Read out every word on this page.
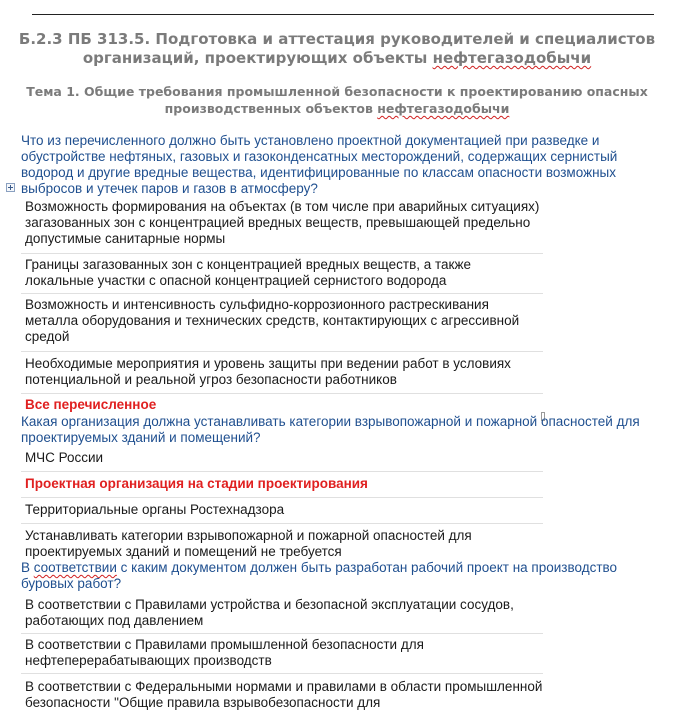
Б.2.3 ПБ 313.5. Подготовка и аттестация руководителей и специалистов
организаций, проектирующих объекты нефтегазодобычи
Тема 1. Общие требования промышленной безопасности к проектированию опасных
производственных объектов нефтегазодобычи
Что из перечисленного должно быть установлено проектной документацией при разведке и обустройстве нефтяных, газовых и газоконденсатных месторождений, содержащих сернистый водород и другие вредные вещества, идентифицированные по классам опасности возможных выбросов и утечек паров и газов в атмосферу?
Возможность формирования на объектах (в том числе при аварийных ситуациях) загазованных зон с концентрацией вредных веществ, превышающей предельно допустимые санитарные нормы
Границы загазованных зон с концентрацией вредных веществ, а также локальные участки с опасной концентрацией сернистого водорода
Возможность и интенсивность сульфидно-коррозионного растрескивания металла оборудования и технических средств, контактирующих с агрессивной средой
Необходимые мероприятия и уровень защиты при ведении работ в условиях потенциальной и реальной угроз безопасности работников
Все перечисленное
Какая организация должна устанавливать категории взрывопожарной и пожарной опасностей для проектируемых зданий и помещений?
МЧС России
Проектная организация на стадии проектирования
Территориальные органы Ростехнадзора
Устанавливать категории взрывопожарной и пожарной опасностей для проектируемых зданий и помещений не требуется
В соответствии с каким документом должен быть разработан рабочий проект на производство буровых работ?
В соответствии с Правилами устройства и безопасной эксплуатации сосудов, работающих под давлением
В соответствии с Правилами промышленной безопасности для нефтеперерабатывающих производств
В соответствии с Федеральными нормами и правилами в области промышленной безопасности "Общие правила взрывобезопасности для
